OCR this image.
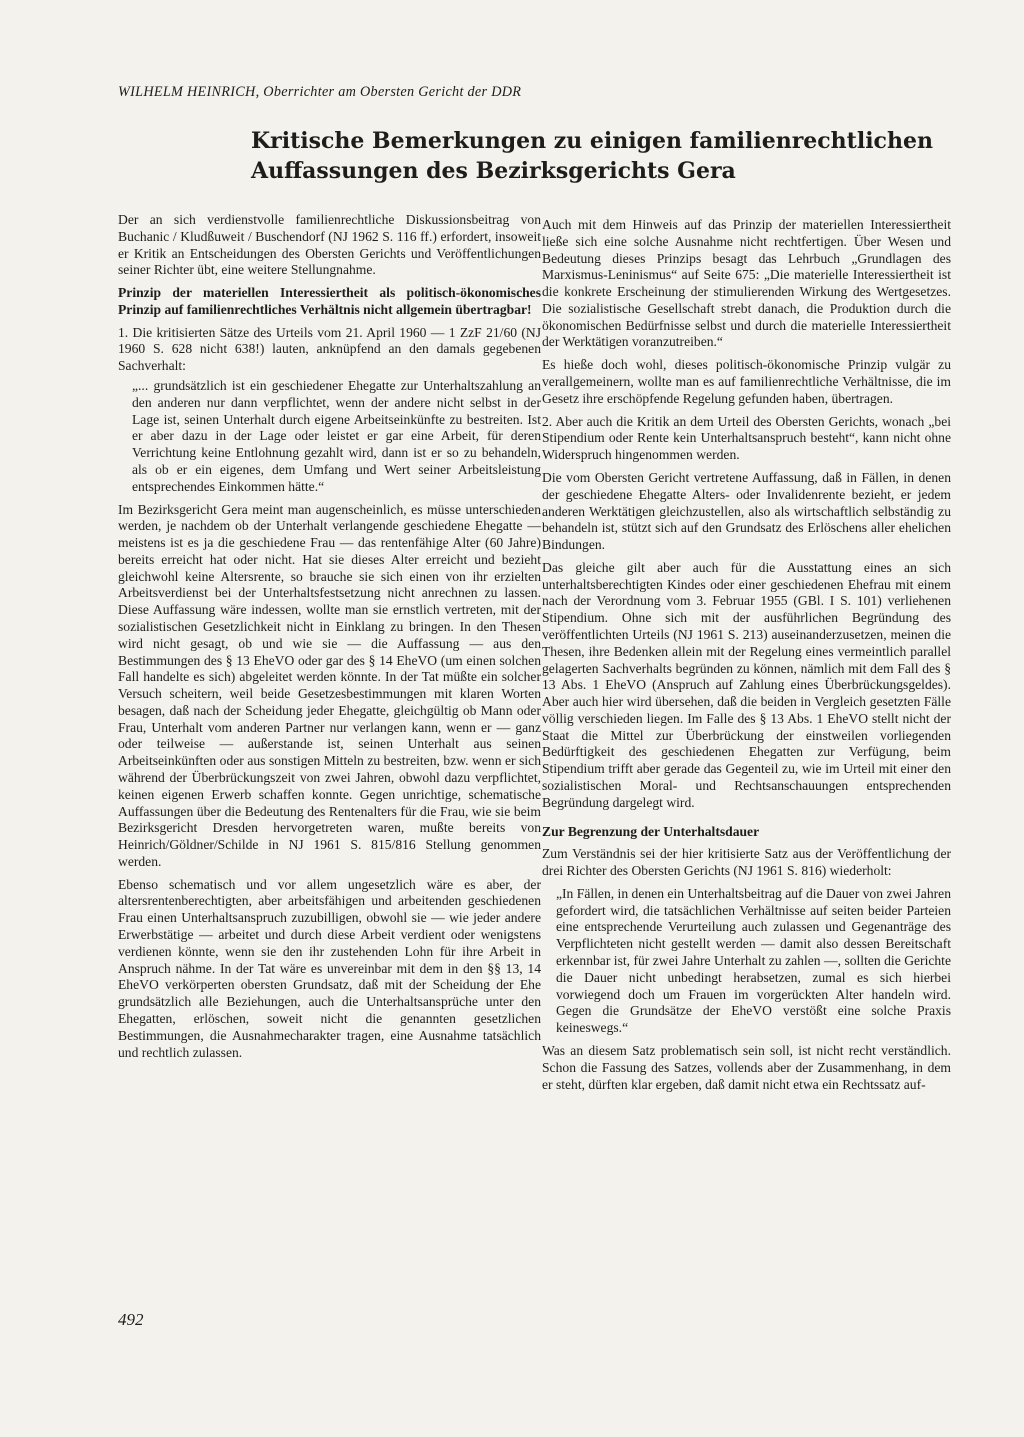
WILHELM HEINRICH, Oberrichter am Obersten Gericht der DDR
Kritische Bemerkungen zu einigen familienrechtlichen
Auffassungen des Bezirksgerichts Gera

Der an sich verdienstvolle familienrechtliche Diskussionsbeitrag von Buchanic / Kludßuweit / Buschendorf (NJ 1962 S. 116 ff.) erfordert, insoweit er Kritik an Entscheidungen des Obersten Gerichts und Veröffentlichungen seiner Richter übt, eine weitere Stellungnahme.

Prinzip der materiellen Interessiertheit als politisch-ökonomisches Prinzip auf familienrechtliches Verhältnis nicht allgemein übertragbar!

1. Die kritisierten Sätze des Urteils vom 21. April 1960 — 1 ZzF 21/60 (NJ 1960 S. 628 nicht 638!) lauten, anknüpfend an den damals gegebenen Sachverhalt:

„... grundsätzlich ist ein geschiedener Ehegatte zur Unterhaltszahlung an den anderen nur dann verpflichtet, wenn der andere nicht selbst in der Lage ist, seinen Unterhalt durch eigene Arbeitseinkünfte zu bestreiten. Ist er aber dazu in der Lage oder leistet er gar eine Arbeit, für deren Verrichtung keine Entlohnung gezahlt wird, dann ist er so zu behandeln, als ob er ein eigenes, dem Umfang und Wert seiner Arbeitsleistung entsprechendes Einkommen hätte.“

Im Bezirksgericht Gera meint man augenscheinlich, es müsse unterschieden werden, je nachdem ob der Unterhalt verlangende geschiedene Ehegatte — meistens ist es ja die geschiedene Frau — das rentenfähige Alter (60 Jahre) bereits erreicht hat oder nicht. Hat sie dieses Alter erreicht und bezieht gleichwohl keine Altersrente, so brauche sie sich einen von ihr erzielten Arbeitsverdienst bei der Unterhaltsfestsetzung nicht anrechnen zu lassen. Diese Auffassung wäre indessen, wollte man sie ernstlich vertreten, mit der sozialistischen Gesetzlichkeit nicht in Einklang zu bringen. In den Thesen wird nicht gesagt, ob und wie sie — die Auffassung — aus den Bestimmungen des § 13 EheVO oder gar des § 14 EheVO (um einen solchen Fall handelte es sich) abgeleitet werden könnte. In der Tat müßte ein solcher Versuch scheitern, weil beide Gesetzesbestimmungen mit klaren Worten besagen, daß nach der Scheidung jeder Ehegatte, gleichgültig ob Mann oder Frau, Unterhalt vom anderen Partner nur verlangen kann, wenn er — ganz oder teilweise — außerstande ist, seinen Unterhalt aus seinen Arbeitseinkünften oder aus sonstigen Mitteln zu bestreiten, bzw. wenn er sich während der Überbrückungszeit von zwei Jahren, obwohl dazu verpflichtet, keinen eigenen Erwerb schaffen konnte. Gegen unrichtige, schematische Auffassungen über die Bedeutung des Rentenalters für die Frau, wie sie beim Bezirksgericht Dresden hervorgetreten waren, mußte bereits von Heinrich/Göldner/Schilde in NJ 1961 S. 815/816 Stellung genommen werden.

Ebenso schematisch und vor allem ungesetzlich wäre es aber, der altersrentenberechtigten, aber arbeitsfähigen und arbeitenden geschiedenen Frau einen Unterhaltsanspruch zuzubilligen, obwohl sie — wie jeder andere Erwerbstätige — arbeitet und durch diese Arbeit verdient oder wenigstens verdienen könnte, wenn sie den ihr zustehenden Lohn für ihre Arbeit in Anspruch nähme. In der Tat wäre es unvereinbar mit dem in den §§ 13, 14 EheVO verkörperten obersten Grundsatz, daß mit der Scheidung der Ehe grundsätzlich alle Beziehungen, auch die Unterhaltsansprüche unter den Ehegatten, erlöschen, soweit nicht die genannten gesetzlichen Bestimmungen, die Ausnahmecharakter tragen, eine Ausnahme tatsächlich und rechtlich zulassen.

Auch mit dem Hinweis auf das Prinzip der materiellen Interessiertheit ließe sich eine solche Ausnahme nicht rechtfertigen. Über Wesen und Bedeutung dieses Prinzips besagt das Lehrbuch „Grundlagen des Marxismus-Leninismus“ auf Seite 675: „Die materielle Interessiertheit ist die konkrete Erscheinung der stimulierenden Wirkung des Wertgesetzes. Die sozialistische Gesellschaft strebt danach, die Produktion durch die ökonomischen Bedürfnisse selbst und durch die materielle Interessiertheit der Werktätigen voranzutreiben.“

Es hieße doch wohl, dieses politisch-ökonomische Prinzip vulgär zu verallgemeinern, wollte man es auf familienrechtliche Verhältnisse, die im Gesetz ihre erschöpfende Regelung gefunden haben, übertragen.

2. Aber auch die Kritik an dem Urteil des Obersten Gerichts, wonach „bei Stipendium oder Rente kein Unterhaltsanspruch besteht“, kann nicht ohne Widerspruch hingenommen werden.

Die vom Obersten Gericht vertretene Auffassung, daß in Fällen, in denen der geschiedene Ehegatte Alters- oder Invalidenrente bezieht, er jedem anderen Werktätigen gleichzustellen, also als wirtschaftlich selbständig zu behandeln ist, stützt sich auf den Grundsatz des Erlöschens aller ehelichen Bindungen.

Das gleiche gilt aber auch für die Ausstattung eines an sich unterhaltsberechtigten Kindes oder einer geschiedenen Ehefrau mit einem nach der Verordnung vom 3. Februar 1955 (GBl. I S. 101) verliehenen Stipendium. Ohne sich mit der ausführlichen Begründung des veröffentlichten Urteils (NJ 1961 S. 213) auseinanderzusetzen, meinen die Thesen, ihre Bedenken allein mit der Regelung eines vermeintlich parallel gelagerten Sachverhalts begründen zu können, nämlich mit dem Fall des § 13 Abs. 1 EheVO (Anspruch auf Zahlung eines Überbrückungsgeldes). Aber auch hier wird übersehen, daß die beiden in Vergleich gesetzten Fälle völlig verschieden liegen. Im Falle des § 13 Abs. 1 EheVO stellt nicht der Staat die Mittel zur Überbrückung der einstweilen vorliegenden Bedürftigkeit des geschiedenen Ehegatten zur Verfügung, beim Stipendium trifft aber gerade das Gegenteil zu, wie im Urteil mit einer den sozialistischen Moral- und Rechtsanschauungen entsprechenden Begründung dargelegt wird.

Zur Begrenzung der Unterhaltsdauer

Zum Verständnis sei der hier kritisierte Satz aus der Veröffentlichung der drei Richter des Obersten Gerichts (NJ 1961 S. 816) wiederholt:

„In Fällen, in denen ein Unterhaltsbeitrag auf die Dauer von zwei Jahren gefordert wird, die tatsächlichen Verhältnisse auf seiten beider Parteien eine entsprechende Verurteilung auch zulassen und Gegenanträge des Verpflichteten nicht gestellt werden — damit also dessen Bereitschaft erkennbar ist, für zwei Jahre Unterhalt zu zahlen —, sollten die Gerichte die Dauer nicht unbedingt herabsetzen, zumal es sich hierbei vorwiegend doch um Frauen im vorgerückten Alter handeln wird. Gegen die Grundsätze der EheVO verstößt eine solche Praxis keineswegs.“

Was an diesem Satz problematisch sein soll, ist nicht recht verständlich. Schon die Fassung des Satzes, vollends aber der Zusammenhang, in dem er steht, dürften klar ergeben, daß damit nicht etwa ein Rechtssatz auf-

492
